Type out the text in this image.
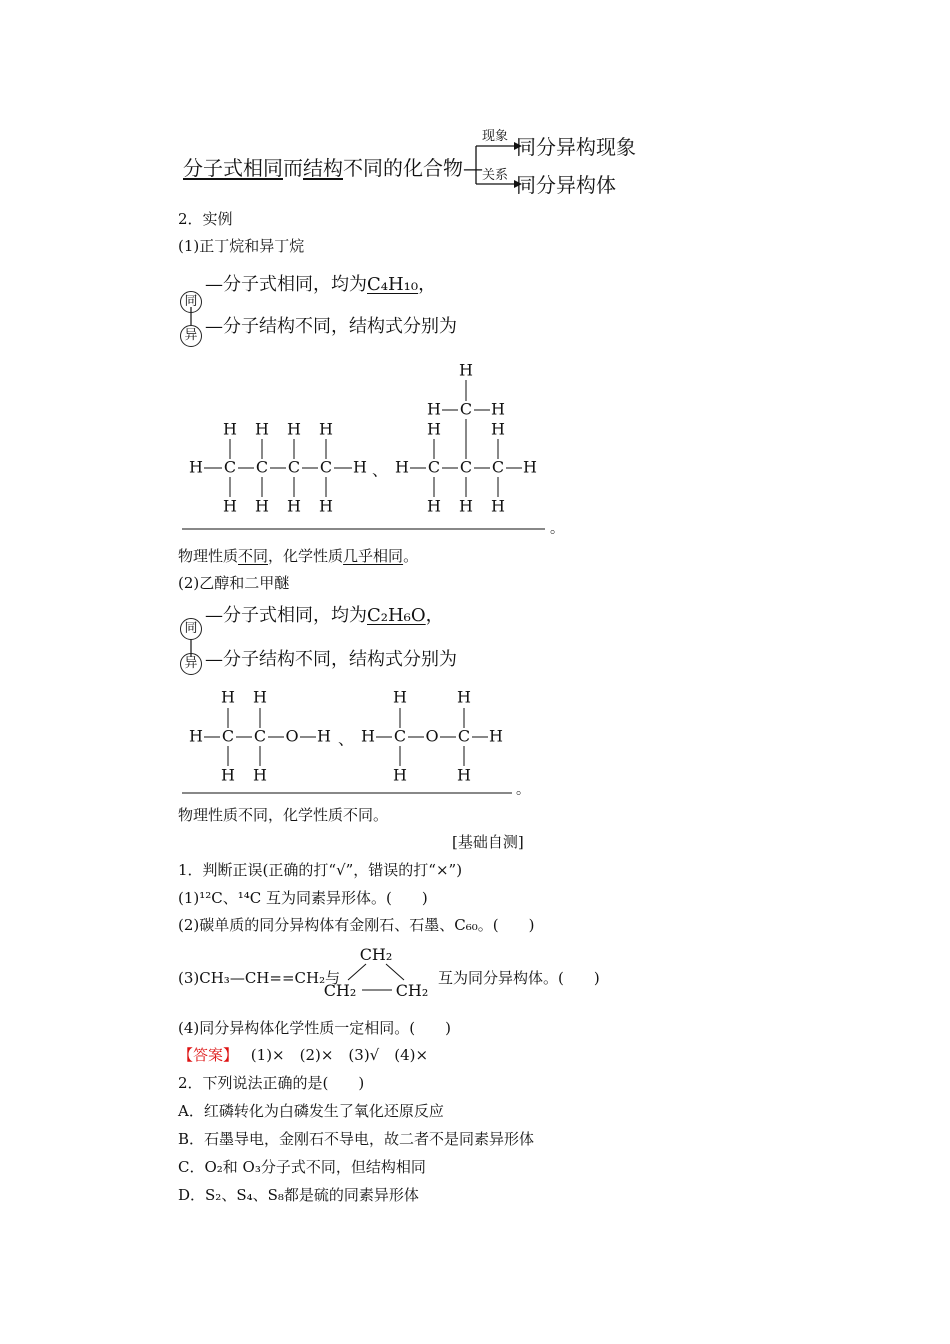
分子式相同而结构不同的化合物—
现象
关系
同分异构现象
同分异构体
2．实例
(1)正丁烷和异丁烷
同
异
—分子式相同，均为C₄H₁₀，
—分子结构不同，结构式分别为
H C C C C H
H H H H
H H H H
、 H C C C H
H	H
C
H	H
H
H H H
。
物理性质不同，化学性质几乎相同。
(2)乙醇和二甲醚
同
异
—分子式相同，均为C₂H₆O，
—分子结构不同，结构式分别为
H C C O H
H H
H H
、 H C O C H
H	H
H	H
。
物理性质不同，化学性质不同。
[基础自测]
1．判断正误(正确的打“√”，错误的打“×”)
(1)¹²C、¹⁴C 互为同素异形体。(　　)
(2)碳单质的同分异构体有金刚石、石墨、C₆₀。(　　)
(3)CH₃—CH==CH₂与
CH₂
CH₂ CH₂
互为同分异构体。(　　)
(4)同分异构体化学性质一定相同。(　　)
【答案】 (1)×　(2)×　(3)√　(4)×
2．下列说法正确的是(　　)
A．红磷转化为白磷发生了氧化还原反应
B．石墨导电，金刚石不导电，故二者不是同素异形体
C．O₂和 O₃分子式不同，但结构相同
D．S₂、S₄、S₈都是硫的同素异形体
